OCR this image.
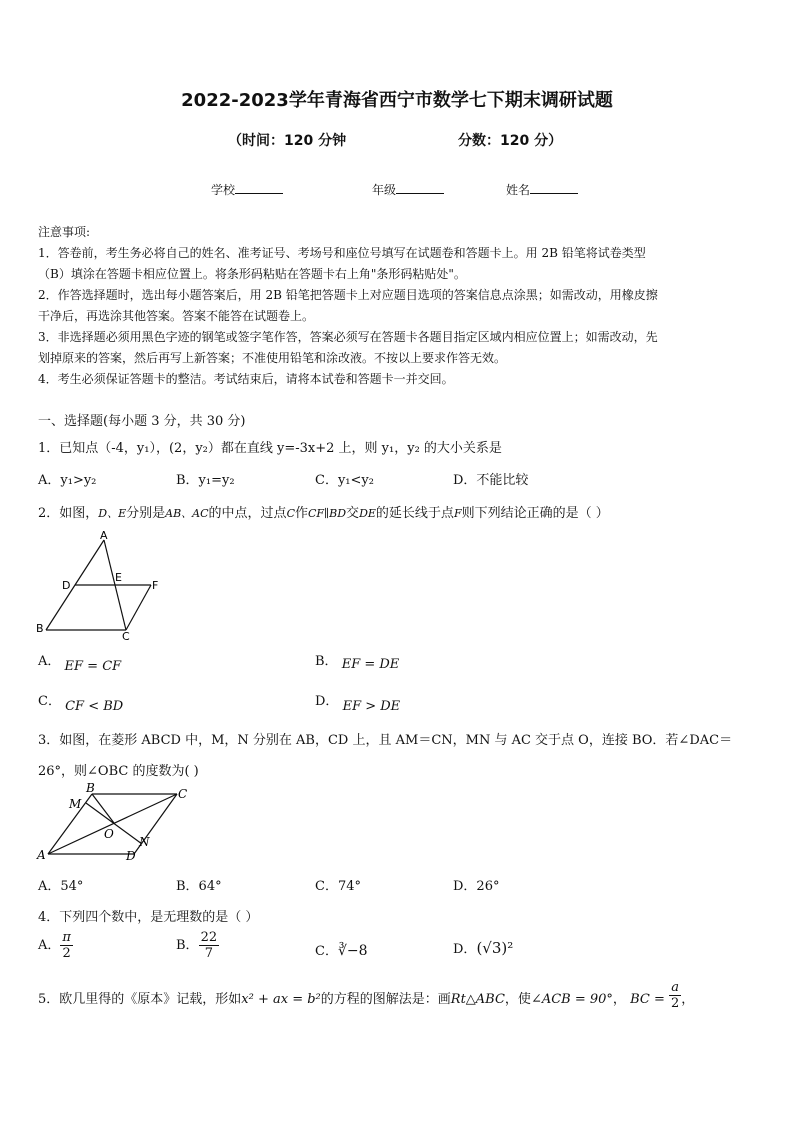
2022-2023学年青海省西宁市数学七下期末调研试题
（时间：120 分钟	分数：120 分）
学校	年级	姓名
注意事项:
1．答卷前，考生务必将自己的姓名、准考证号、考场号和座位号填写在试题卷和答题卡上。用 2B 铅笔将试卷类型
（B）填涂在答题卡相应位置上。将条形码粘贴在答题卡右上角"条形码粘贴处"。
2．作答选择题时，选出每小题答案后，用 2B 铅笔把答题卡上对应题目选项的答案信息点涂黑；如需改动，用橡皮擦
干净后，再选涂其他答案。答案不能答在试题卷上。
3．非选择题必须用黑色字迹的钢笔或签字笔作答，答案必须写在答题卡各题目指定区域内相应位置上；如需改动，先
划掉原来的答案，然后再写上新答案；不准使用铅笔和涂改液。不按以上要求作答无效。
4．考生必须保证答题卡的整洁。考试结束后，请将本试卷和答题卡一并交回。
一、选择题(每小题 3 分，共 30 分)
1．已知点（-4，y₁），(2，y₂）都在直线 y=-3x+2 上，则 y₁，y₂ 的大小关系是
A．y₁>y₂	B．y₁=y₂	C．y₁<y₂	D．不能比较
2．如图，D、E分别是AB、AC的中点，过点C作CF∥BD交DE的延长线于点F则下列结论正确的是（ ）
A
D
E
F
B
C
A． EF = CF	B． EF = DE
C． CF < BD	D． EF > DE
3．如图，在菱形 ABCD 中，M，N 分别在 AB，CD 上，且 AM＝CN，MN 与 AC 交于点 O，连接 BO．若∠DAC＝
26°，则∠OBC 的度数为( )
B	C
M
O
N
A	D
A．54°	B．64°	C．74°	D．26°
4．下列四个数中，是无理数的是（ ）
A． $\frac{\pi}{2}$	B． $\frac{22}{7}$	C．∛−8	D．(√3)²
5．欧几里得的《原本》记载，形如x² + ax = b²的方程的图解法是：画Rt△ABC，使∠ACB = 90°， BC = $\frac{a}{2}$ ，
